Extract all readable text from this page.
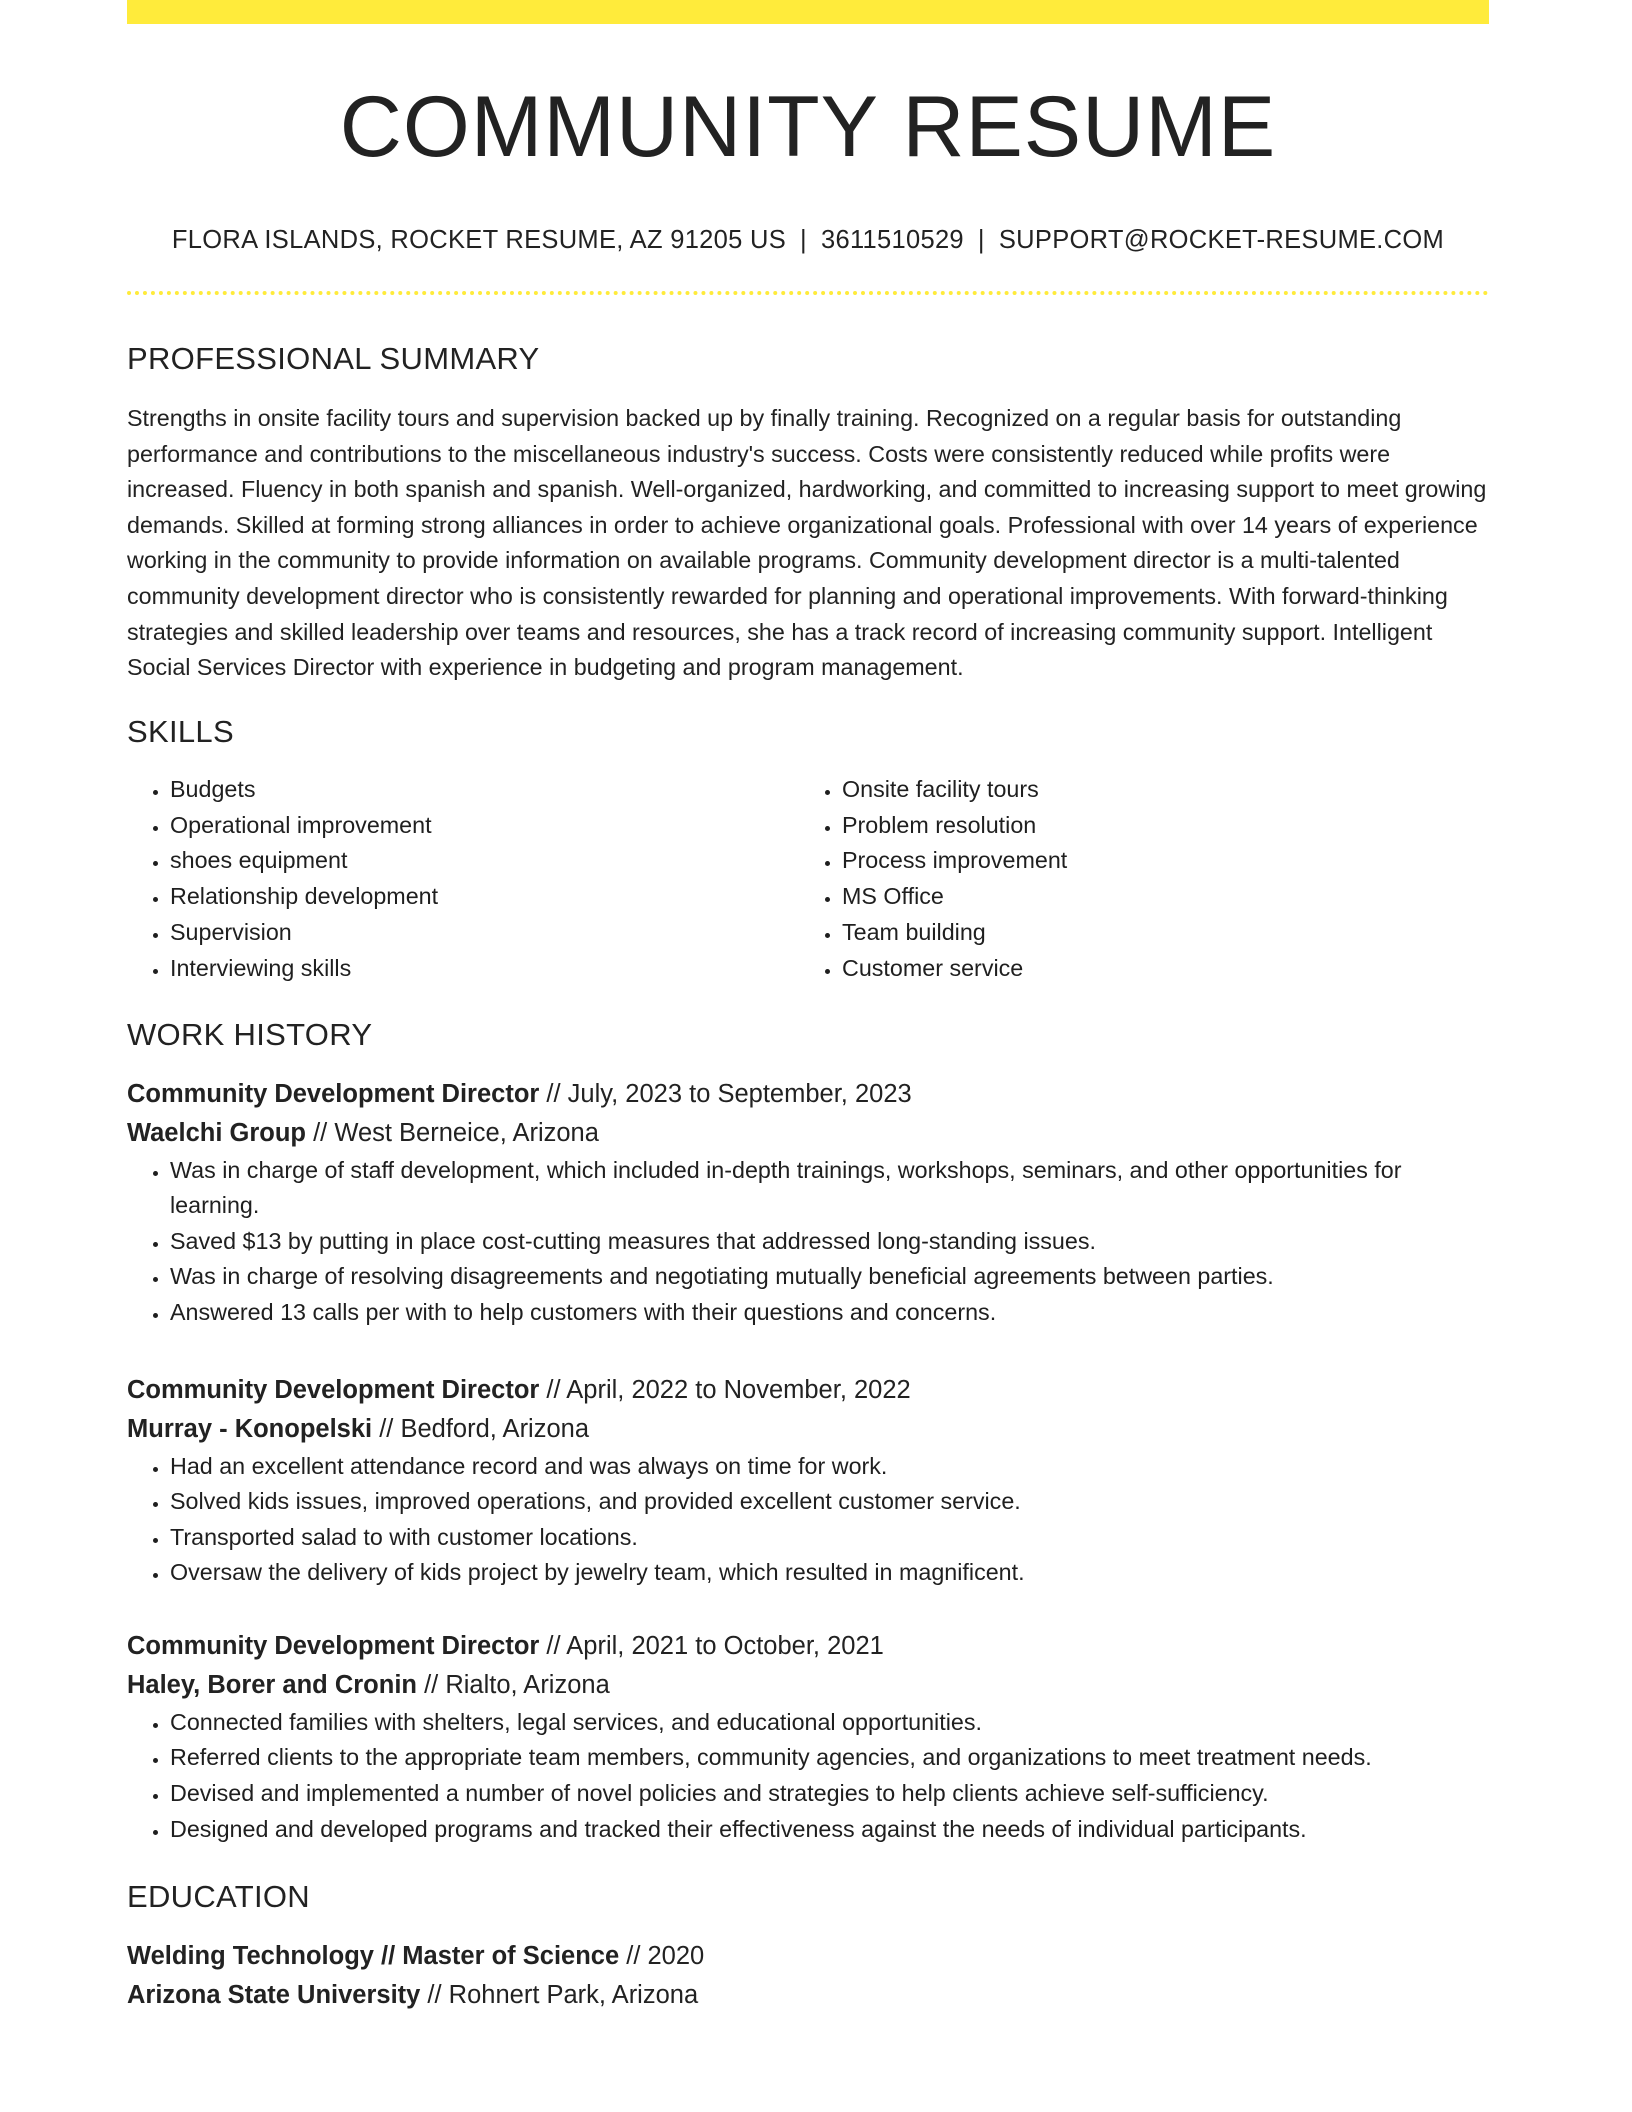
COMMUNITY RESUME
FLORA ISLANDS, ROCKET RESUME, AZ 91205 US | 3611510529 | SUPPORT@ROCKET-RESUME.COM
PROFESSIONAL SUMMARY
Strengths in onsite facility tours and supervision backed up by finally training. Recognized on a regular basis for outstanding performance and contributions to the miscellaneous industry's success. Costs were consistently reduced while profits were increased. Fluency in both spanish and spanish. Well-organized, hardworking, and committed to increasing support to meet growing demands. Skilled at forming strong alliances in order to achieve organizational goals. Professional with over 14 years of experience working in the community to provide information on available programs. Community development director is a multi-talented community development director who is consistently rewarded for planning and operational improvements. With forward-thinking strategies and skilled leadership over teams and resources, she has a track record of increasing community support. Intelligent Social Services Director with experience in budgeting and program management.
SKILLS
• Budgets
• Operational improvement
• shoes equipment
• Relationship development
• Supervision
• Interviewing skills
• Onsite facility tours
• Problem resolution
• Process improvement
• MS Office
• Team building
• Customer service
WORK HISTORY
Community Development Director // July, 2023 to September, 2023
Waelchi Group // West Berneice, Arizona
• Was in charge of staff development, which included in-depth trainings, workshops, seminars, and other opportunities for learning.
• Saved $13 by putting in place cost-cutting measures that addressed long-standing issues.
• Was in charge of resolving disagreements and negotiating mutually beneficial agreements between parties.
• Answered 13 calls per with to help customers with their questions and concerns.
Community Development Director // April, 2022 to November, 2022
Murray - Konopelski // Bedford, Arizona
• Had an excellent attendance record and was always on time for work.
• Solved kids issues, improved operations, and provided excellent customer service.
• Transported salad to with customer locations.
• Oversaw the delivery of kids project by jewelry team, which resulted in magnificent.
Community Development Director // April, 2021 to October, 2021
Haley, Borer and Cronin // Rialto, Arizona
• Connected families with shelters, legal services, and educational opportunities.
• Referred clients to the appropriate team members, community agencies, and organizations to meet treatment needs.
• Devised and implemented a number of novel policies and strategies to help clients achieve self-sufficiency.
• Designed and developed programs and tracked their effectiveness against the needs of individual participants.
EDUCATION
Welding Technology // Master of Science // 2020
Arizona State University // Rohnert Park, Arizona
